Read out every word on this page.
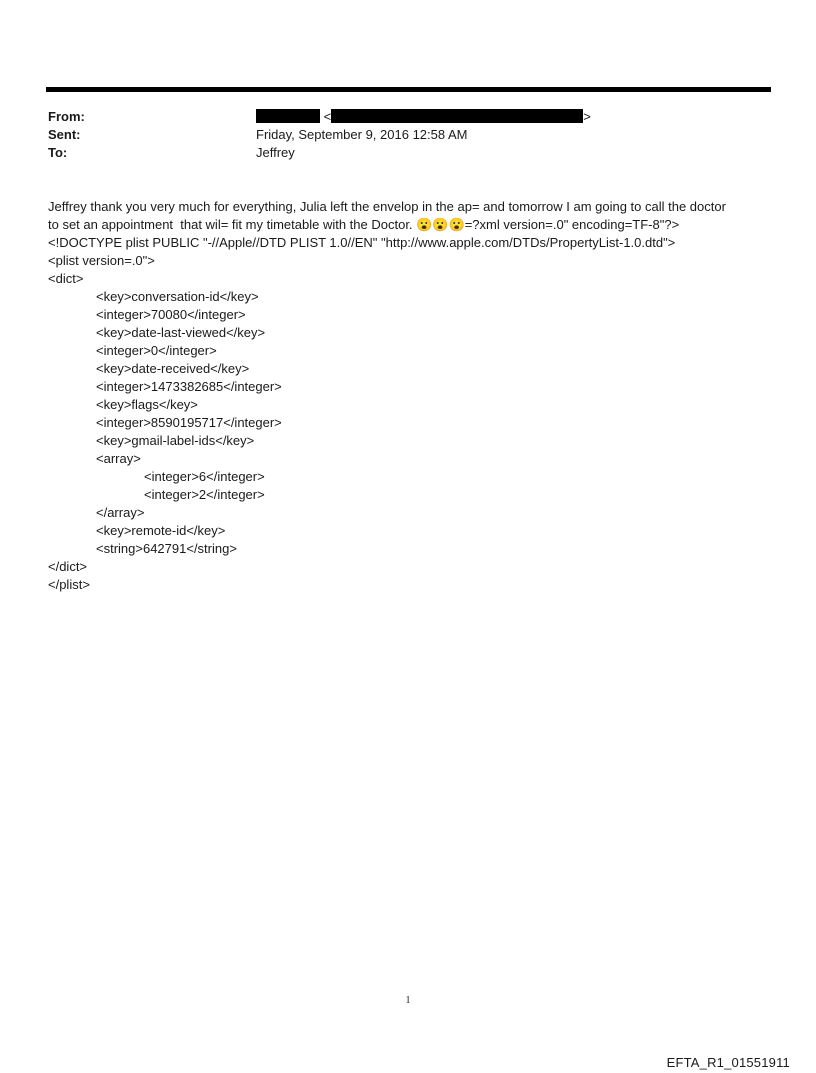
From:
Sent:
To:
<	>
Friday, September 9, 2016 12:58 AM
Jeffrey

Jeffrey thank you very much for everything, Julia left the envelop in the ap= and tomorrow I am going to call the doctor

to set an appointment  that wil= fit my timetable with the Doctor. 😮😮😮=?xml version=.0" encoding=TF-8"?>

<!DOCTYPE plist PUBLIC "-//Apple//DTD PLIST 1.0//EN" "http://www.apple.com/DTDs/PropertyList-1.0.dtd">

<plist version=.0">

<dict>

<key>conversation-id</key>

<integer>70080</integer>

<key>date-last-viewed</key>

<integer>0</integer>

<key>date-received</key>

<integer>1473382685</integer>

<key>flags</key>

<integer>8590195717</integer>

<key>gmail-label-ids</key>

<array>

<integer>6</integer>

<integer>2</integer>

</array>

<key>remote-id</key>

<string>642791</string>

</dict>

</plist>

1
EFTA_R1_01551911
